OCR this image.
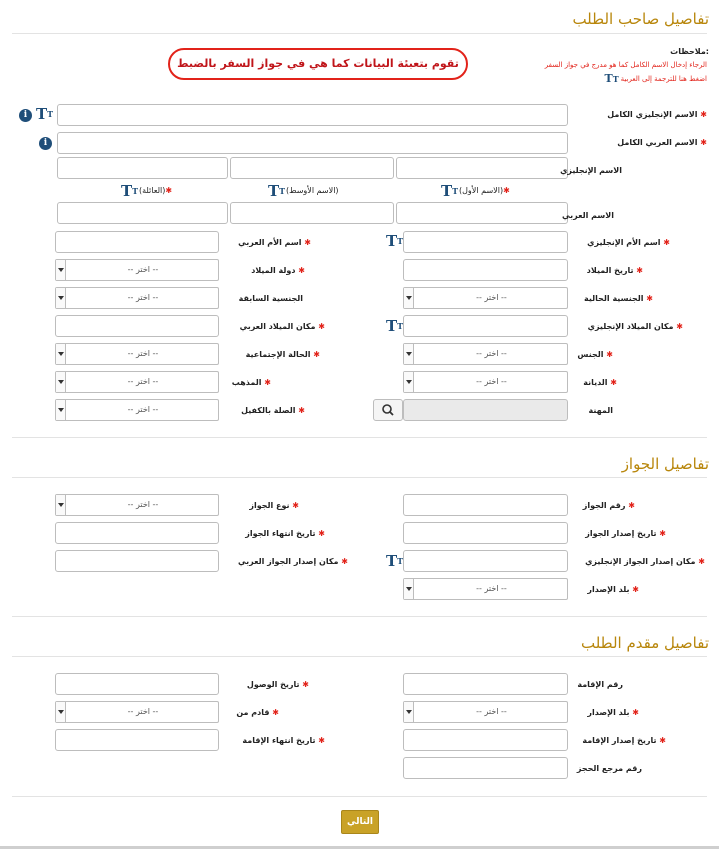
تفاصيل صاحب الطلب
ملاحظات:
الرجاء إدخال الاسم الكامل كما هو مدرج في جواز السفر
اضغط هنا للترجمة إلى العربية
TT
تقوم بتعبئة البيانات كما هي في جواز السفر بالضبط
i TT	✱ الاسم الإنجليزي الكامل
i	✱ الاسم العربي الكامل
الاسم الإنجليزي
TT	✱(العائلة)	TT (الاسم الأوسط)	TT	✱(الاسم الأول)
الاسم العربي
✱ اسم الأم العربي	TT	✱ اسم الأم الإنجليزي
-- اختر --	✱ دولة الميلاد	✱ تاريخ الميلاد
-- اختر --	الجنسية السابقة	-- اختر --	✱ الجنسية الحالية
✱ مكان الميلاد العربي	TT	✱ مكان الميلاد الإنجليزي
-- اختر --	✱ الحالة الإجتماعية	-- اختر --	✱ الجنس
-- اختر --	✱ المذهب	-- اختر --	✱ الديانة
-- اختر --	✱ الصلة بالكفيل	المهنة
تفاصيل الجواز
-- اختر --	✱ نوع الجواز	✱ رقم الجواز
✱ تاريخ انتهاء الجواز	✱ تاريخ إصدار الجواز
✱ مكان إصدار الجواز العربي	TT	✱ مكان إصدار الجواز الإنجليزي
-- اختر --	✱ بلد الإصدار
تفاصيل مقدم الطلب
✱ تاريخ الوصول	رقم الإقامة
-- اختر --	✱ قادم من	-- اختر --	✱ بلد الإصدار
✱ تاريخ انتهاء الإقامة	✱ تاريخ إصدار الإقامة
رقم مرجع الحجز
التالي
